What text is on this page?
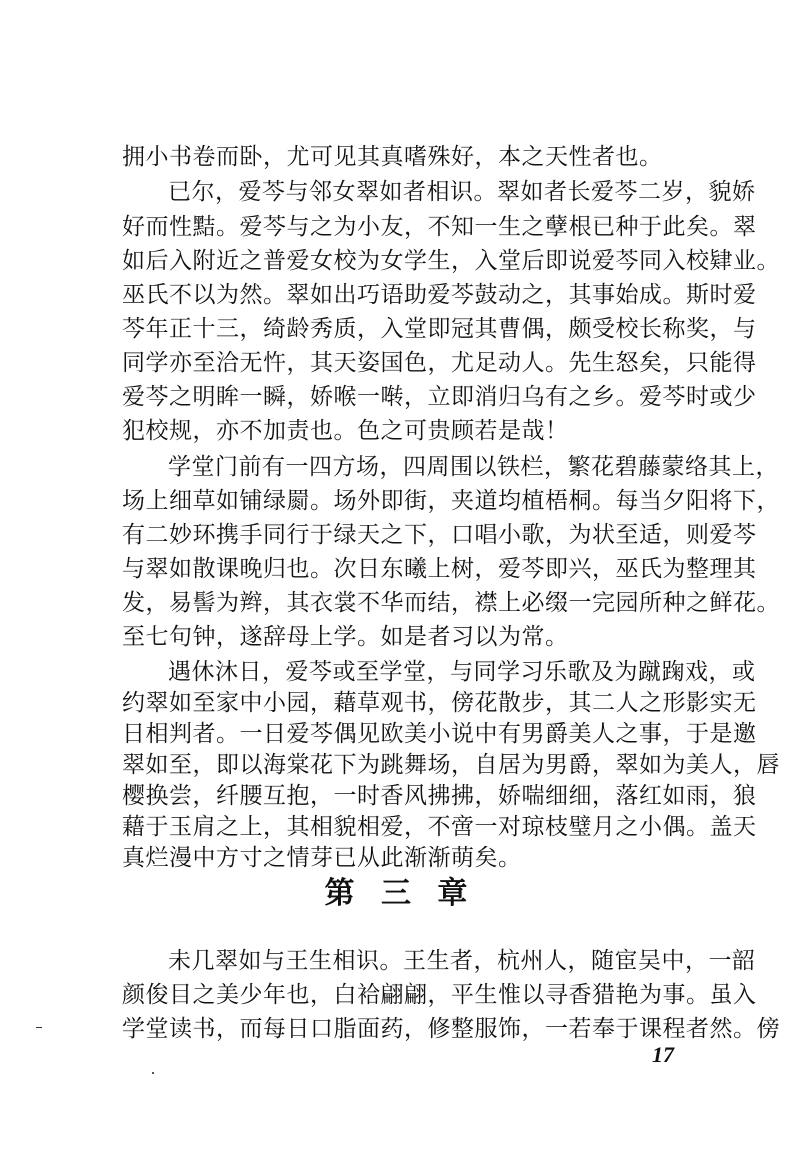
拥小书卷而卧，尤可见其真嗜殊好，本之天性者也。
已尔，爱芩与邻女翠如者相识。翠如者长爱芩二岁，貌娇
好而性黠。爱芩与之为小友，不知一生之孽根已种于此矣。翠
如后入附近之普爱女校为女学生，入堂后即说爱芩同入校肄业。
巫氏不以为然。翠如出巧语助爱芩鼓动之，其事始成。斯时爱
芩年正十三，绮龄秀质，入堂即冠其曹偶，颇受校长称奖，与
同学亦至洽无忤，其天姿国色，尤足动人。先生怒矣，只能得
爱芩之明眸一瞬，娇喉一啭，立即消归乌有之乡。爱芩时或少
犯校规，亦不加责也。色之可贵顾若是哉！
学堂门前有一四方场，四周围以铁栏，繁花碧藤蒙络其上，
场上细草如铺绿罽。场外即街，夹道均植梧桐。每当夕阳将下，
有二妙环携手同行于绿天之下，口唱小歌，为状至适，则爱芩
与翠如散课晚归也。次日东曦上树，爱芩即兴，巫氏为整理其
发，易髻为辫，其衣裳不华而结，襟上必缀一完园所种之鲜花。
至七句钟，遂辞母上学。如是者习以为常。
遇休沐日，爱芩或至学堂，与同学习乐歌及为蹴踘戏，或
约翠如至家中小园，藉草观书，傍花散步，其二人之形影实无
日相判者。一日爱芩偶见欧美小说中有男爵美人之事，于是邀
翠如至，即以海棠花下为跳舞场，自居为男爵，翠如为美人，唇
樱换尝，纤腰互抱，一时香风拂拂，娇喘细细，落红如雨，狼
藉于玉肩之上，其相貌相爱，不啻一对琼枝璧月之小偶。盖天
第 三 章
未几翠如与王生相识。王生者，杭州人，随宦吴中，一韶
颜俊目之美少年也，白袷翩翩，平生惟以寻香猎艳为事。虽入
学堂读书，而每日口脂面药，修整服饰，一若奉于课程者然。傍
17
真烂漫中方寸之情芽已从此渐渐萌矣。
